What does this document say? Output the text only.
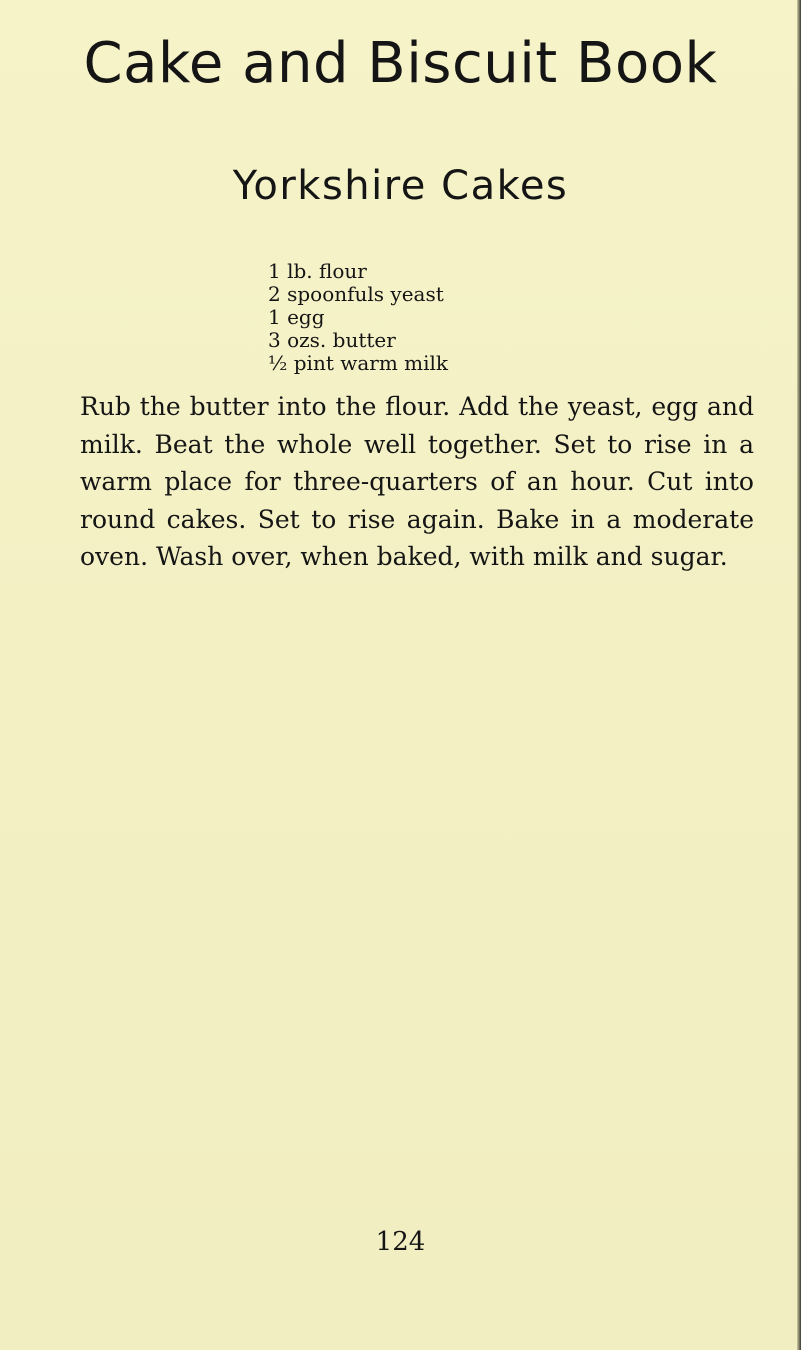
Cake and Biscuit Book
Yorkshire Cakes
1 lb. flour
2 spoonfuls yeast
1 egg
3 ozs. butter
½ pint warm milk

Rub the butter into the flour. Add the yeast, egg and milk. Beat the whole well together. Set to rise in a warm place for three-quarters of an hour. Cut into round cakes. Set to rise again. Bake in a moderate oven. Wash over, when baked, with milk and sugar.

124
